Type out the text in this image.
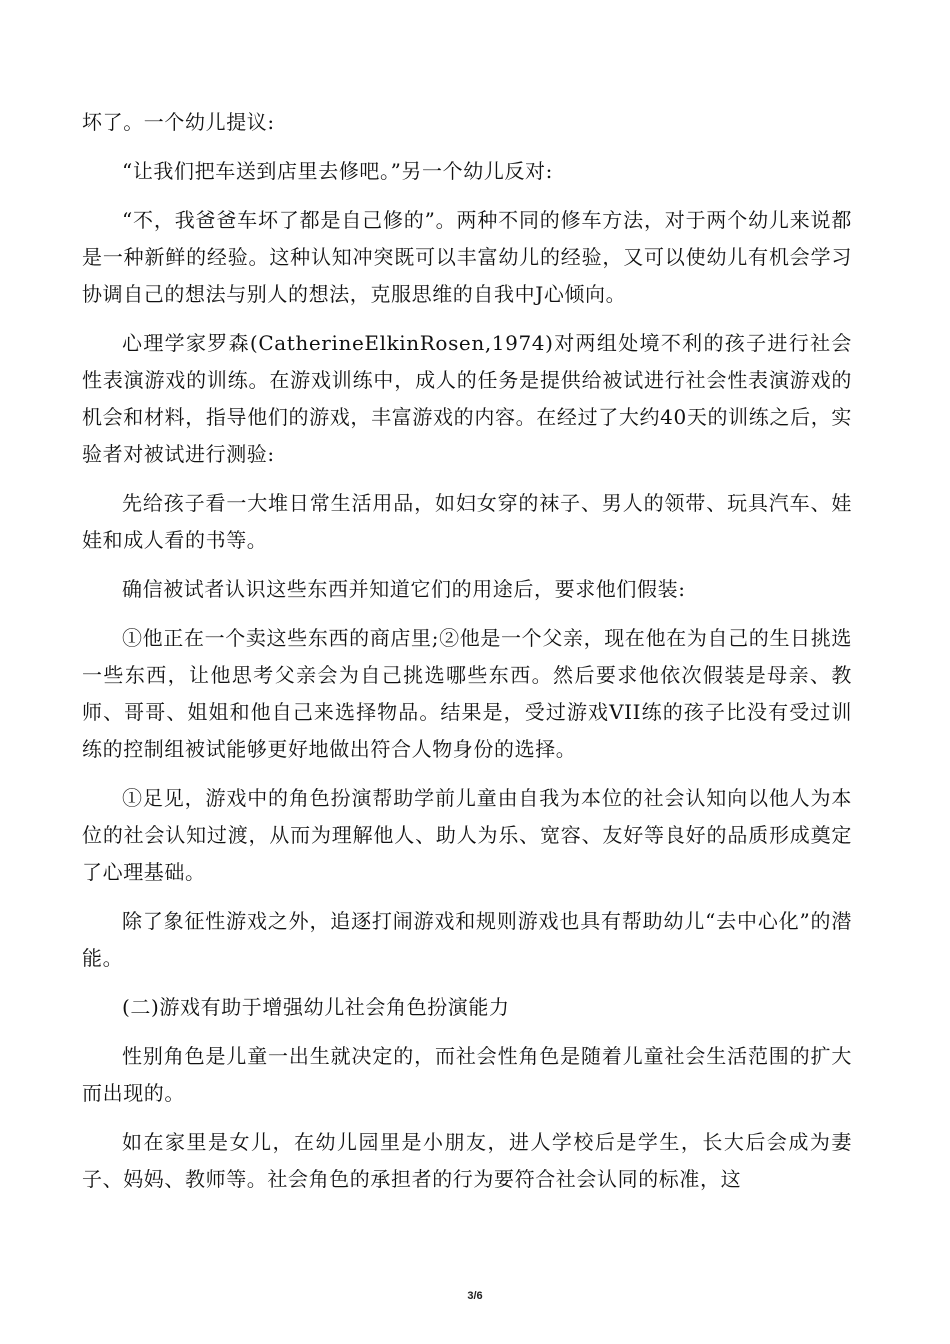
坏了。一个幼儿提议:

“让我们把车送到店里去修吧。”另一个幼儿反对:

“不，我爸爸车坏了都是自己修的”。两种不同的修车方法，对于两个幼儿来说都是一种新鲜的经验。这种认知冲突既可以丰富幼儿的经验，又可以使幼儿有机会学习协调自己的想法与别人的想法，克服思维的自我中J心倾向。

心理学家罗森(CatherineElkinRosen,1974)对两组处境不利的孩子进行社会性表演游戏的训练。在游戏训练中，成人的任务是提供给被试进行社会性表演游戏的机会和材料，指导他们的游戏，丰富游戏的内容。在经过了大约40天的训练之后，实验者对被试进行测验:

先给孩子看一大堆日常生活用品，如妇女穿的袜子、男人的领带、玩具汽车、娃娃和成人看的书等。

确信被试者认识这些东西并知道它们的用途后，要求他们假装:

①他正在一个卖这些东西的商店里;②他是一个父亲，现在他在为自己的生日挑选一些东西，让他思考父亲会为自己挑选哪些东西。然后要求他依次假装是母亲、教师、哥哥、姐姐和他自己来选择物品。结果是，受过游戏VII练的孩子比没有受过训练的控制组被试能够更好地做出符合人物身份的选择。

①足见，游戏中的角色扮演帮助学前儿童由自我为本位的社会认知向以他人为本位的社会认知过渡，从而为理解他人、助人为乐、宽容、友好等良好的品质形成奠定了心理基础。

除了象征性游戏之外，追逐打闹游戏和规则游戏也具有帮助幼儿“去中心化”的潜能。

(二)游戏有助于增强幼儿社会角色扮演能力

性别角色是儿童一出生就决定的，而社会性角色是随着儿童社会生活范围的扩大而出现的。

如在家里是女儿，在幼儿园里是小朋友，进人学校后是学生，长大后会成为妻子、妈妈、教师等。社会角色的承担者的行为要符合社会认同的标准，这

3/6
